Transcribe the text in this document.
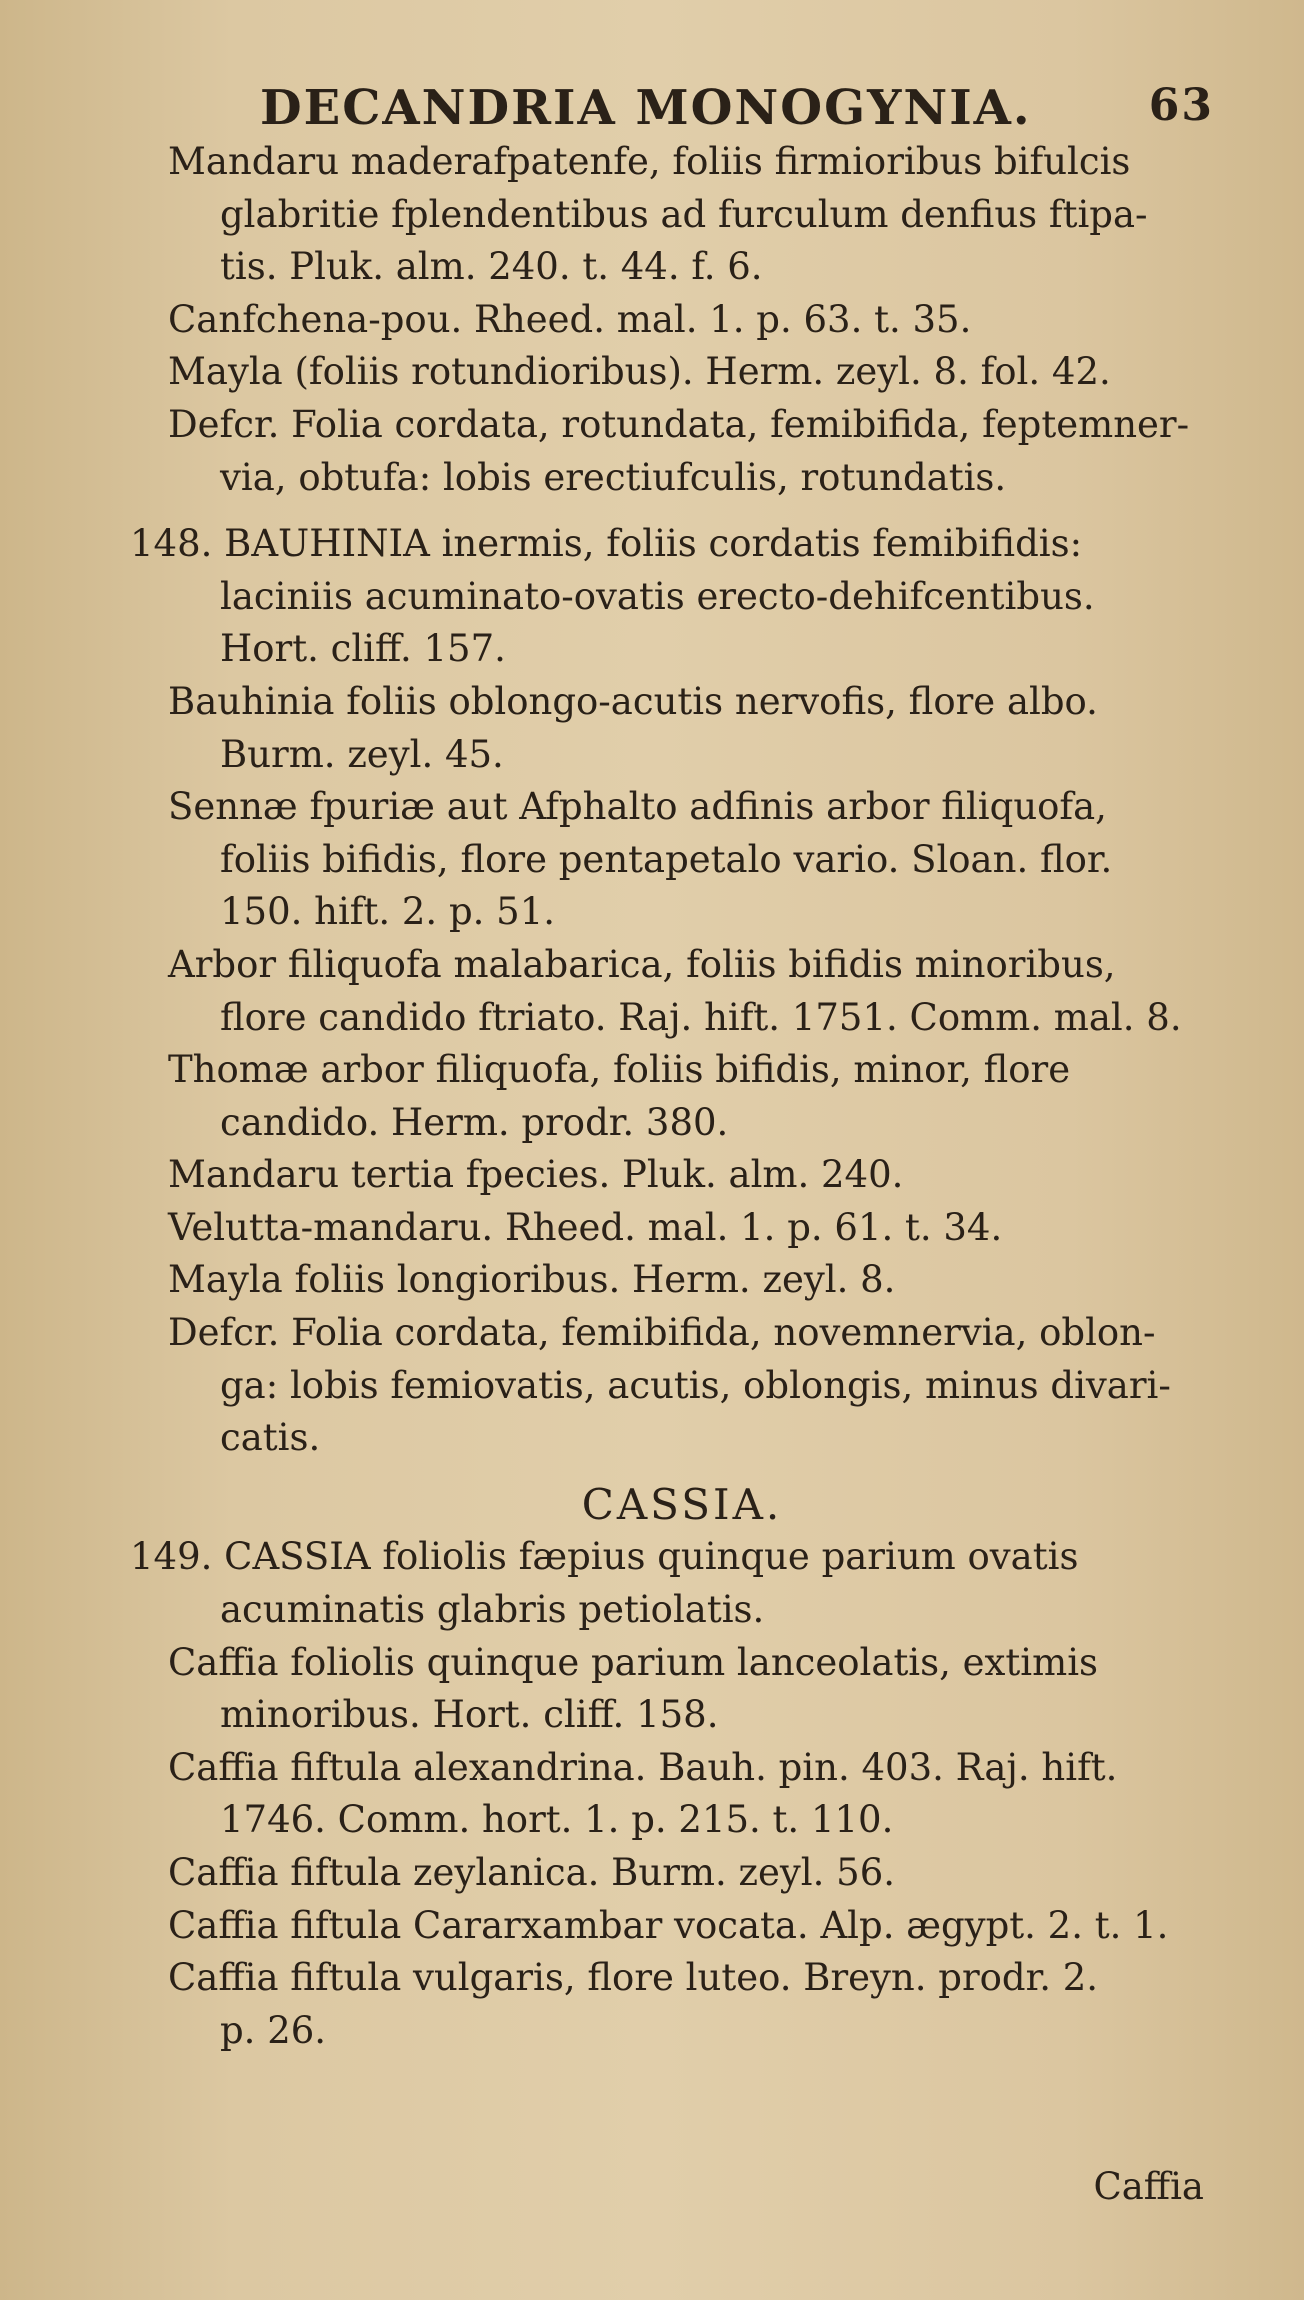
DECANDRIA MONOGYNIA.	63
Mandaru maderafpatenfe, foliis firmioribus bifulcis
glabritie fplendentibus ad furculum denfius ftipa-
tis. Pluk. alm. 240. t. 44. f. 6.
Canfchena-pou. Rheed. mal. 1. p. 63. t. 35.
Mayla (foliis rotundioribus). Herm. zeyl. 8. fol. 42.
Defcr. Folia cordata, rotundata, femibifida, feptemner-
via, obtufa: lobis erectiufculis, rotundatis.
148. BAUHINIA inermis, foliis cordatis femibifidis:
laciniis acuminato-ovatis erecto-dehifcentibus.
Hort. cliff. 157.
Bauhinia foliis oblongo-acutis nervofis, flore albo.
Burm. zeyl. 45.
Sennæ fpuriæ aut Afphalto adfinis arbor filiquofa,
foliis bifidis, flore pentapetalo vario. Sloan. flor.
150. hift. 2. p. 51.
Arbor filiquofa malabarica, foliis bifidis minoribus,
flore candido ftriato. Raj. hift. 1751. Comm. mal. 8.
Thomæ arbor filiquofa, foliis bifidis, minor, flore
candido. Herm. prodr. 380.
Mandaru tertia fpecies. Pluk. alm. 240.
Velutta-mandaru. Rheed. mal. 1. p. 61. t. 34.
Mayla foliis longioribus. Herm. zeyl. 8.
Defcr. Folia cordata, femibifida, novemnervia, oblon-
ga: lobis femiovatis, acutis, oblongis, minus divari-
catis.
CASSIA.
149. CASSIA foliolis fæpius quinque parium ovatis
acuminatis glabris petiolatis.
Caffia foliolis quinque parium lanceolatis, extimis
minoribus. Hort. cliff. 158.
Caffia fiftula alexandrina. Bauh. pin. 403. Raj. hift.
1746. Comm. hort. 1. p. 215. t. 110.
Caffia fiftula zeylanica. Burm. zeyl. 56.
Caffia fiftula Cararxambar vocata. Alp. ægypt. 2. t. 1.
Caffia fiftula vulgaris, flore luteo. Breyn. prodr. 2.
p. 26.
Caffia
